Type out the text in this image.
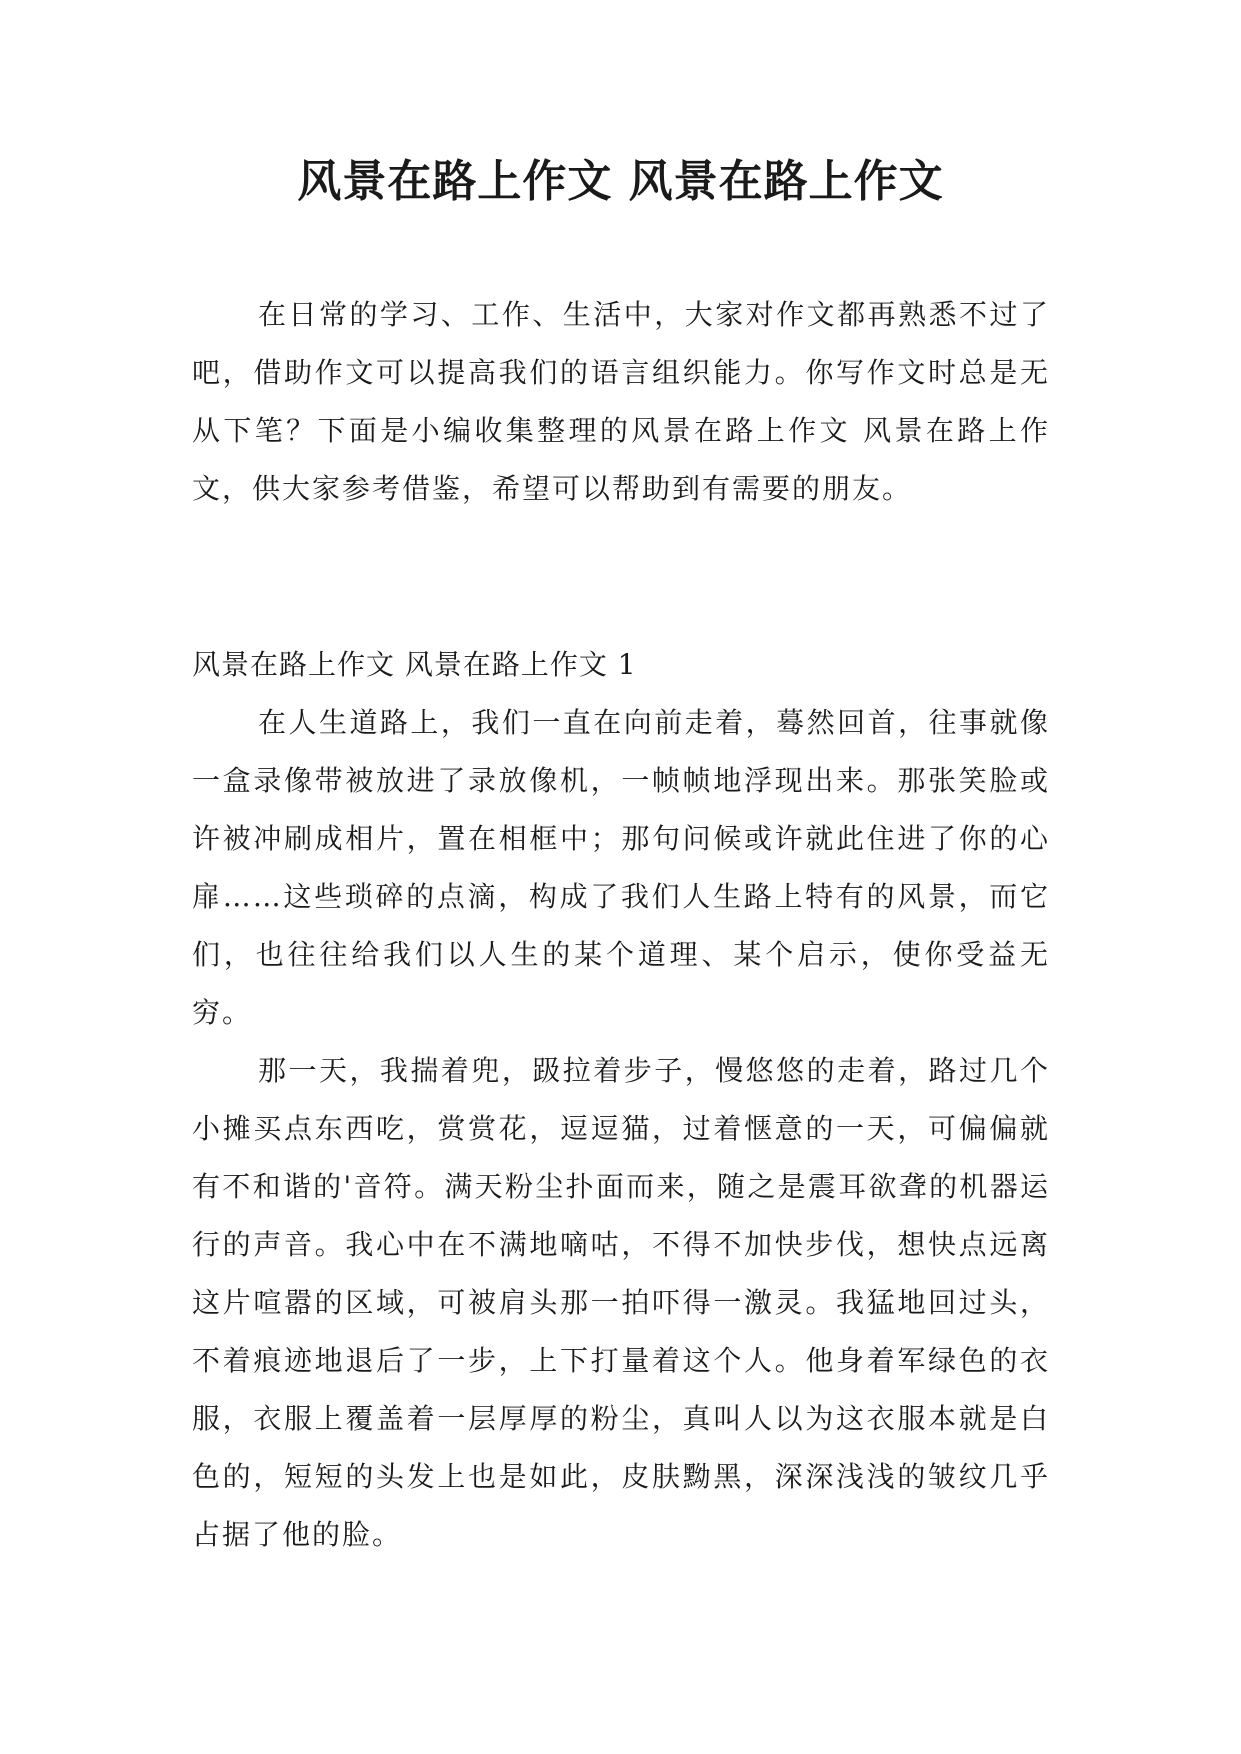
风景在路上作文 风景在路上作文

在日常的学习、工作、生活中，大家对作文都再熟悉不过了吧，借助作文可以提高我们的语言组织能力。你写作文时总是无从下笔？下面是小编收集整理的风景在路上作文 风景在路上作文，供大家参考借鉴，希望可以帮助到有需要的朋友。

风景在路上作文 风景在路上作文 1

在人生道路上，我们一直在向前走着，蓦然回首，往事就像一盒录像带被放进了录放像机，一帧帧地浮现出来。那张笑脸或许被冲刷成相片，置在相框中；那句问候或许就此住进了你的心扉……这些琐碎的点滴，构成了我们人生路上特有的风景，而它们，也往往给我们以人生的某个道理、某个启示，使你受益无穷。

那一天，我揣着兜，趿拉着步子，慢悠悠的走着，路过几个小摊买点东西吃，赏赏花，逗逗猫，过着惬意的一天，可偏偏就有不和谐的'音符。满天粉尘扑面而来，随之是震耳欲聋的机器运行的声音。我心中在不满地嘀咕，不得不加快步伐，想快点远离这片喧嚣的区域，可被肩头那一拍吓得一激灵。我猛地回过头，不着痕迹地退后了一步，上下打量着这个人。他身着军绿色的衣服，衣服上覆盖着一层厚厚的粉尘，真叫人以为这衣服本就是白色的，短短的头发上也是如此，皮肤黝黑，深深浅浅的皱纹几乎占据了他的脸。
